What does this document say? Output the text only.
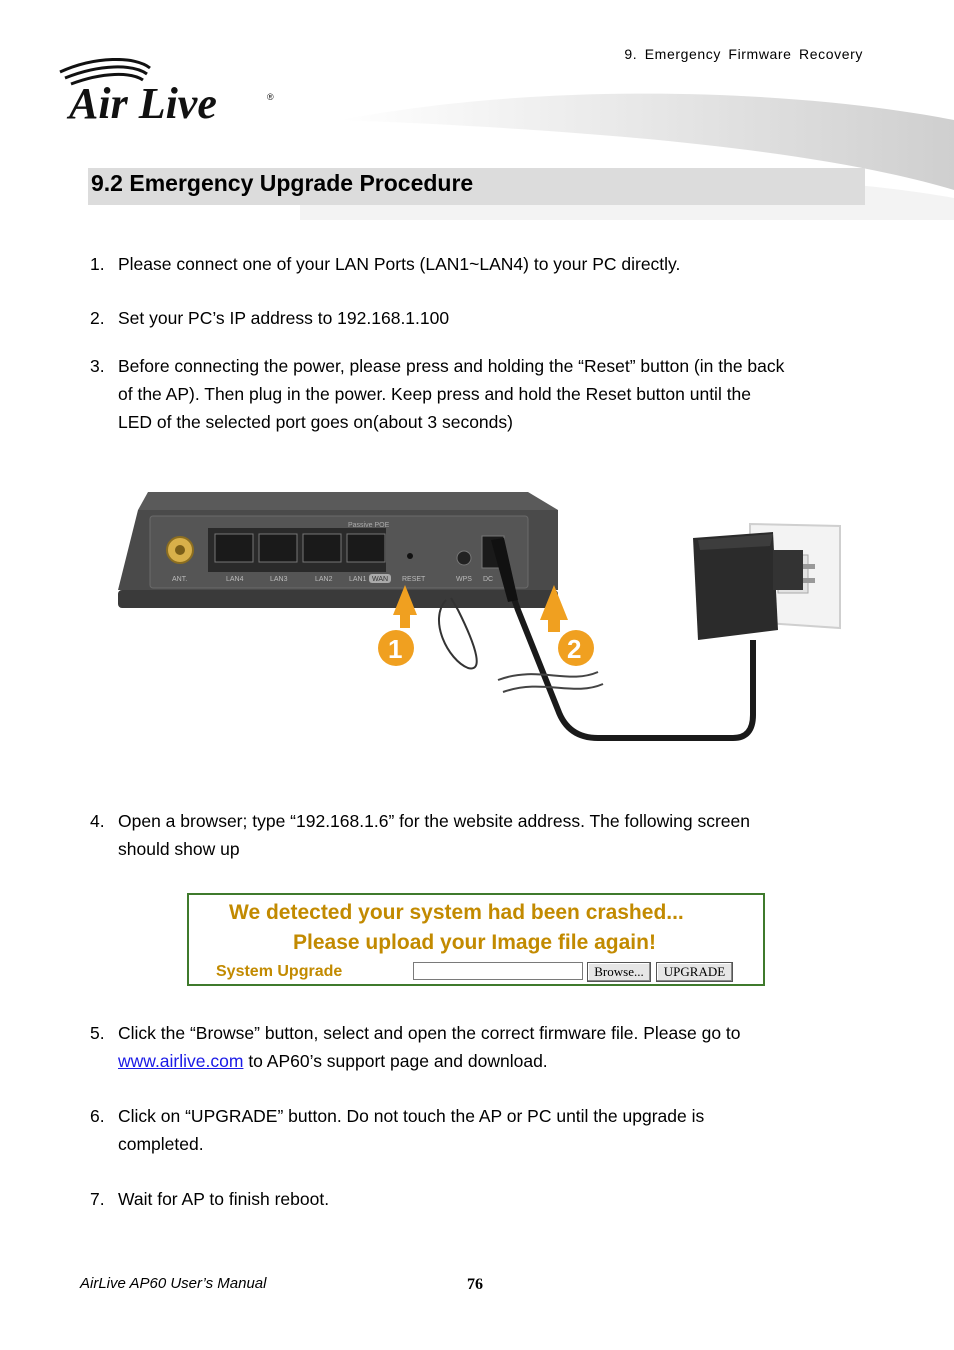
9. Emergency Firmware Recovery
Air Live	®
9.2 Emergency Upgrade Procedure
1. Please connect one of your LAN Ports (LAN1~LAN4) to your PC directly.
2. Set your PC’s IP address to 192.168.1.100
3. Before connecting the power, please press and holding the “Reset” button (in the back
of the AP). Then plug in the power. Keep press and hold the Reset button until the
LED of the selected port goes on(about 3 seconds)
ANT.
Passive POE
LAN4	LAN3	LAN2 LAN1 WAN RESET	WPS DC
1	2
4. Open a browser; type “192.168.1.6” for the website address. The following screen
should show up
We detected your system had been crashed...
Please upload your Image file again!
System Upgrade	Browse...	UPGRADE
5. Click the “Browse” button, select and open the correct firmware file. Please go to
www.airlive.com to AP60’s support page and download.
6. Click on “UPGRADE” button. Do not touch the AP or PC until the upgrade is
completed.
7. Wait for AP to finish reboot.
AirLive AP60 User’s Manual	76
